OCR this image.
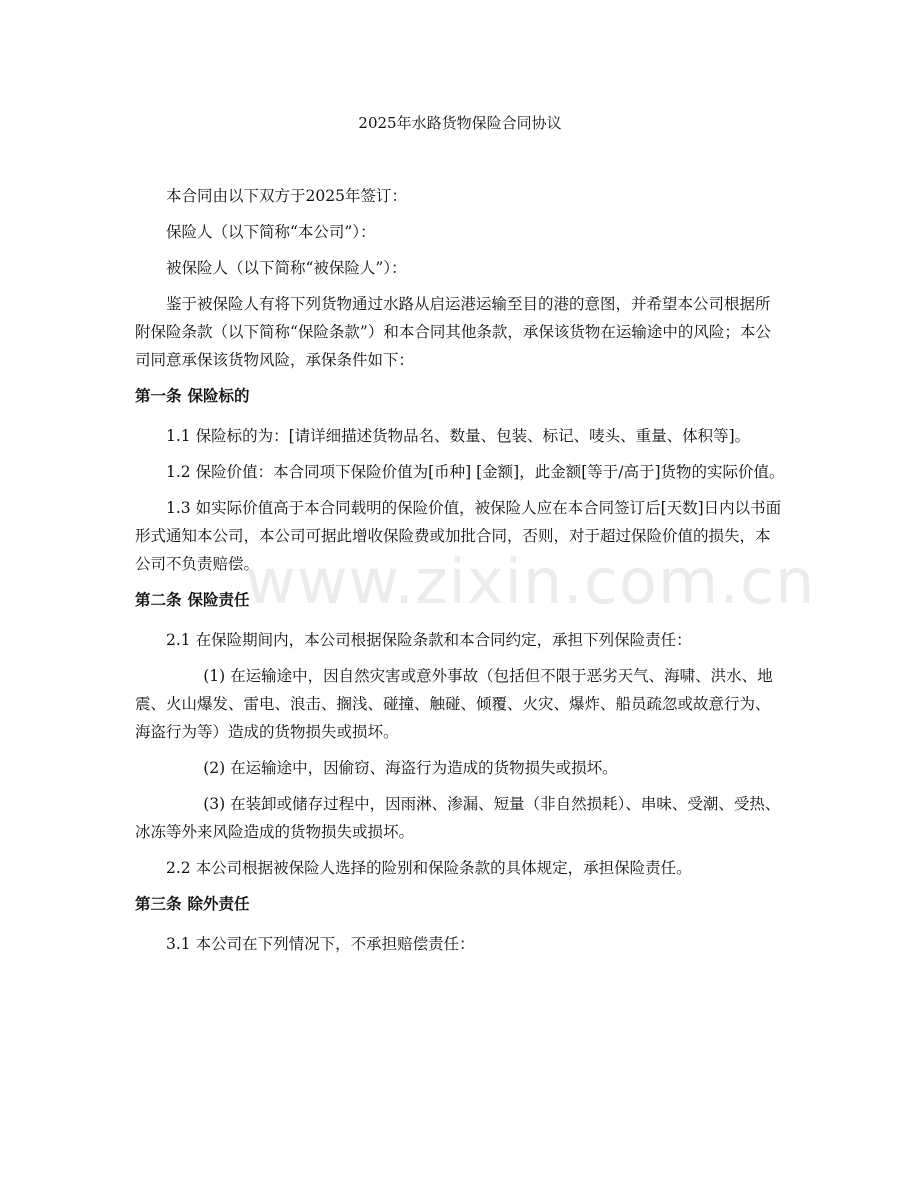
2025年水路货物保险合同协议

本合同由以下双方于2025年签订：

保险人（以下简称“本公司”）：

被保险人（以下简称“被保险人”）：

鉴于被保险人有将下列货物通过水路从启运港运输至目的港的意图，并希望本公司根据所附保险条款（以下简称“保险条款”）和本合同其他条款，承保该货物在运输途中的风险；本公司同意承保该货物风险，承保条件如下：

第一条 保险标的

1.1 保险标的为：[请详细描述货物品名、数量、包装、标记、唛头、重量、体积等]。

1.2 保险价值：本合同项下保险价值为[币种] [金额]，此金额[等于/高于]货物的实际价值。

1.3 如实际价值高于本合同载明的保险价值，被保险人应在本合同签订后[天数]日内以书面形式通知本公司，本公司可据此增收保险费或加批合同，否则，对于超过保险价值的损失，本公司不负责赔偿。

第二条 保险责任

2.1 在保险期间内，本公司根据保险条款和本合同约定，承担下列保险责任：

(1) 在运输途中，因自然灾害或意外事故（包括但不限于恶劣天气、海啸、洪水、地震、火山爆发、雷电、浪击、搁浅、碰撞、触碰、倾覆、火灾、爆炸、船员疏忽或故意行为、海盗行为等）造成的货物损失或损坏。

(2) 在运输途中，因偷窃、海盗行为造成的货物损失或损坏。

(3) 在装卸或储存过程中，因雨淋、渗漏、短量（非自然损耗）、串味、受潮、受热、冰冻等外来风险造成的货物损失或损坏。

2.2 本公司根据被保险人选择的险别和保险条款的具体规定，承担保险责任。

第三条 除外责任

3.1 本公司在下列情况下，不承担赔偿责任：

www.zixin.com.cn
